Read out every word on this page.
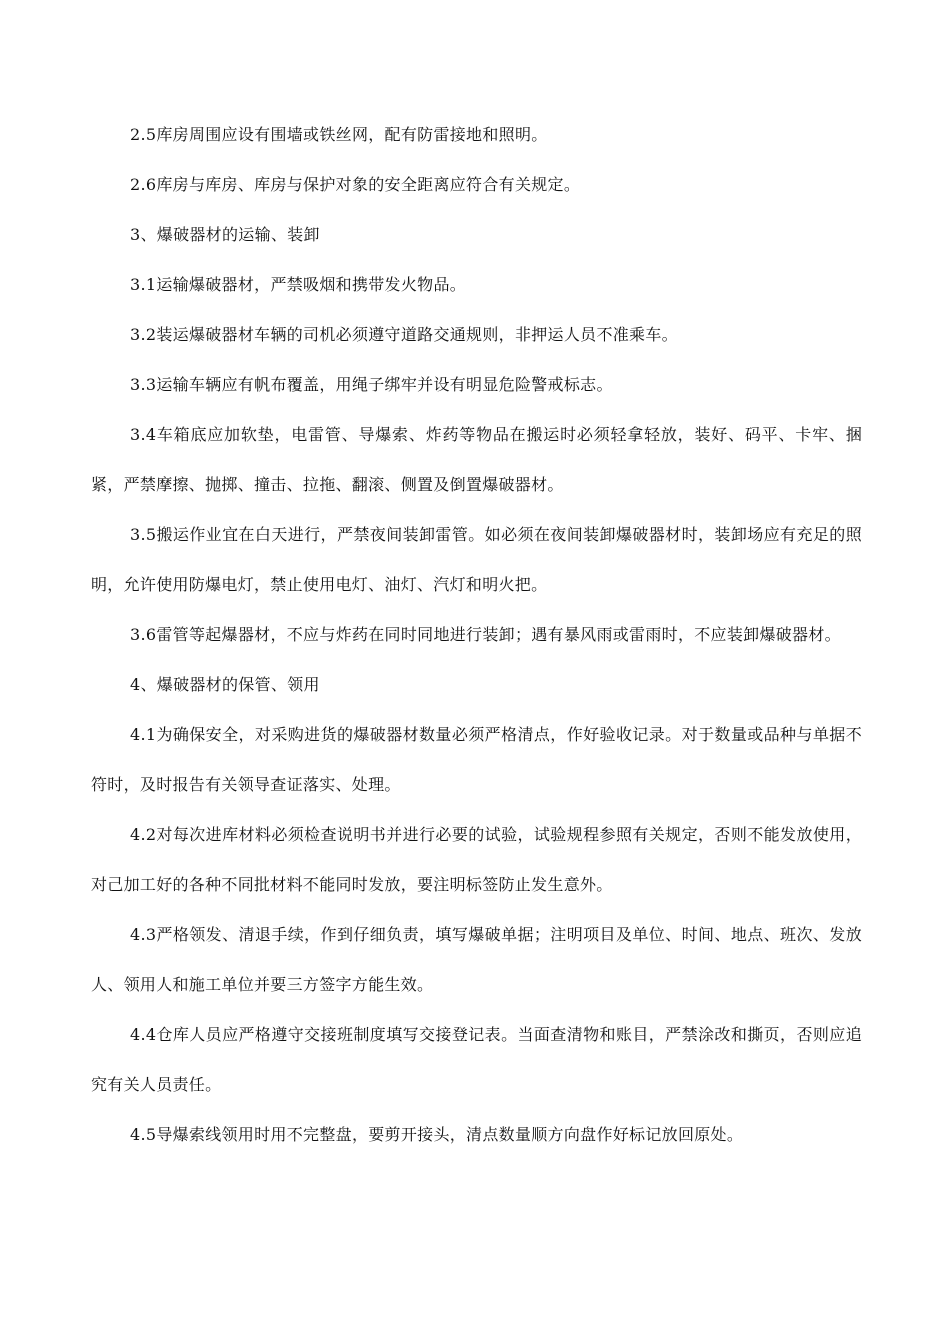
2.5库房周围应设有围墙或铁丝网，配有防雷接地和照明。

2.6库房与库房、库房与保护对象的安全距离应符合有关规定。

3、爆破器材的运输、装卸

3.1运输爆破器材，严禁吸烟和携带发火物品。

3.2装运爆破器材车辆的司机必须遵守道路交通规则，非押运人员不准乘车。

3.3运输车辆应有帆布覆盖，用绳子绑牢并设有明显危险警戒标志。

3.4车箱底应加软垫，电雷管、导爆索、炸药等物品在搬运时必须轻拿轻放，装好、码平、卡牢、捆紧，严禁摩擦、抛掷、撞击、拉拖、翻滚、侧置及倒置爆破器材。

3.5搬运作业宜在白天进行，严禁夜间装卸雷管。如必须在夜间装卸爆破器材时，装卸场应有充足的照明，允许使用防爆电灯，禁止使用电灯、油灯、汽灯和明火把。

3.6雷管等起爆器材，不应与炸药在同时同地进行装卸；遇有暴风雨或雷雨时，不应装卸爆破器材。

4、爆破器材的保管、领用

4.1为确保安全，对采购进货的爆破器材数量必须严格清点，作好验收记录。对于数量或品种与单据不符时，及时报告有关领导查证落实、处理。

4.2对每次进库材料必须检查说明书并进行必要的试验，试验规程参照有关规定，否则不能发放使用，对己加工好的各种不同批材料不能同时发放，要注明标签防止发生意外。

4.3严格领发、清退手续，作到仔细负责，填写爆破单据；注明项目及单位、时间、地点、班次、发放人、领用人和施工单位并要三方签字方能生效。

4.4仓库人员应严格遵守交接班制度填写交接登记表。当面查清物和账目，严禁涂改和撕页，否则应追究有关人员责任。

4.5导爆索线领用时用不完整盘，要剪开接头，清点数量顺方向盘作好标记放回原处。
